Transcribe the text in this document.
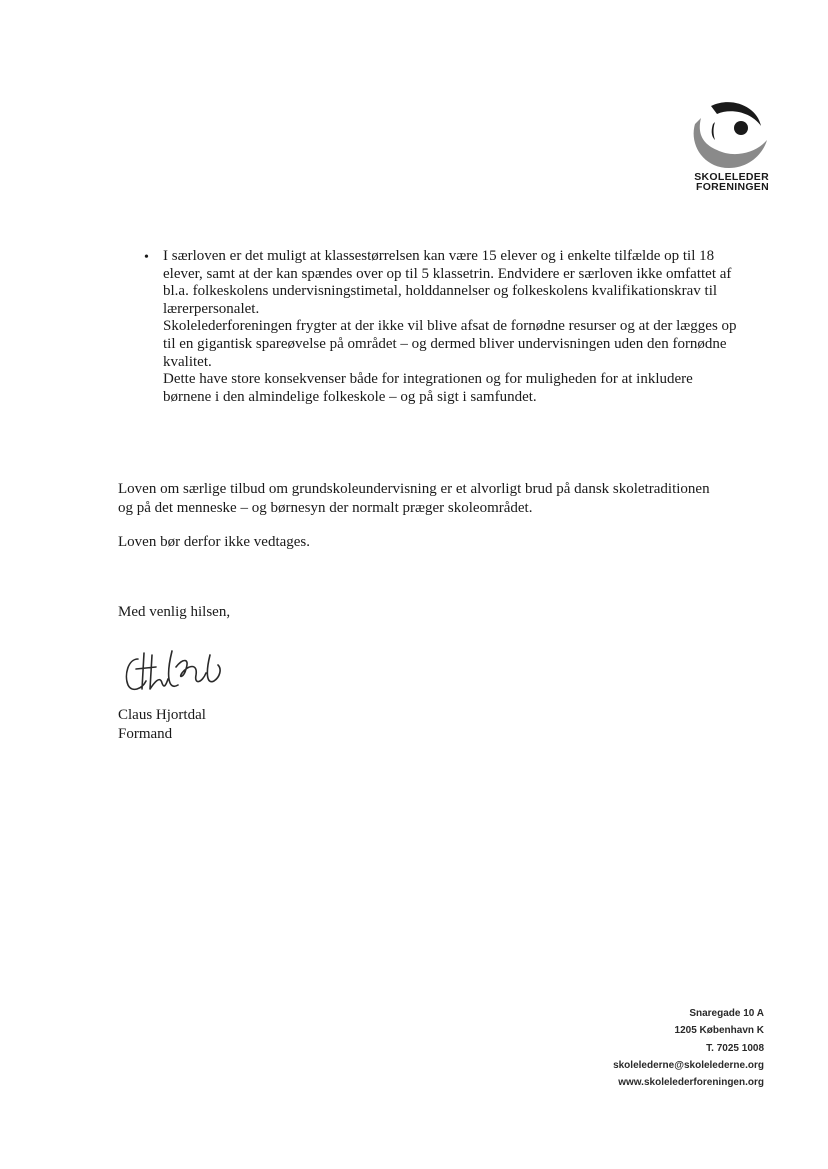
SKOLELEDER
FORENINGEN
• I særloven er det muligt at klassestørrelsen kan være 15 elever og i enkelte tilfælde op til 18 elever, samt at der kan spændes over op til 5 klassetrin. Endvidere er særloven ikke omfattet af bl.a. folkeskolens undervisningstimetal, holddannelser og folkeskolens kvalifikationskrav til lærerpersonalet.

Skolelederforeningen frygter at der ikke vil blive afsat de fornødne resurser og at der lægges op til en gigantisk spareøvelse på området – og dermed bliver undervisningen uden den fornødne kvalitet.

Dette have store konsekvenser både for integrationen og for muligheden for at inkludere børnene i den almindelige folkeskole – og på sigt i samfundet.

Loven om særlige tilbud om grundskoleundervisning er et alvorligt brud på dansk skoletraditionen og på det menneske – og børnesyn der normalt præger skoleområdet.

Loven bør derfor ikke vedtages.

Med venlig hilsen,

Claus Hjortdal
Formand
Snaregade 10 A
1205 København K
T. 7025 1008
skolelederne@skolelederne.org
www.skolelederforeningen.org
